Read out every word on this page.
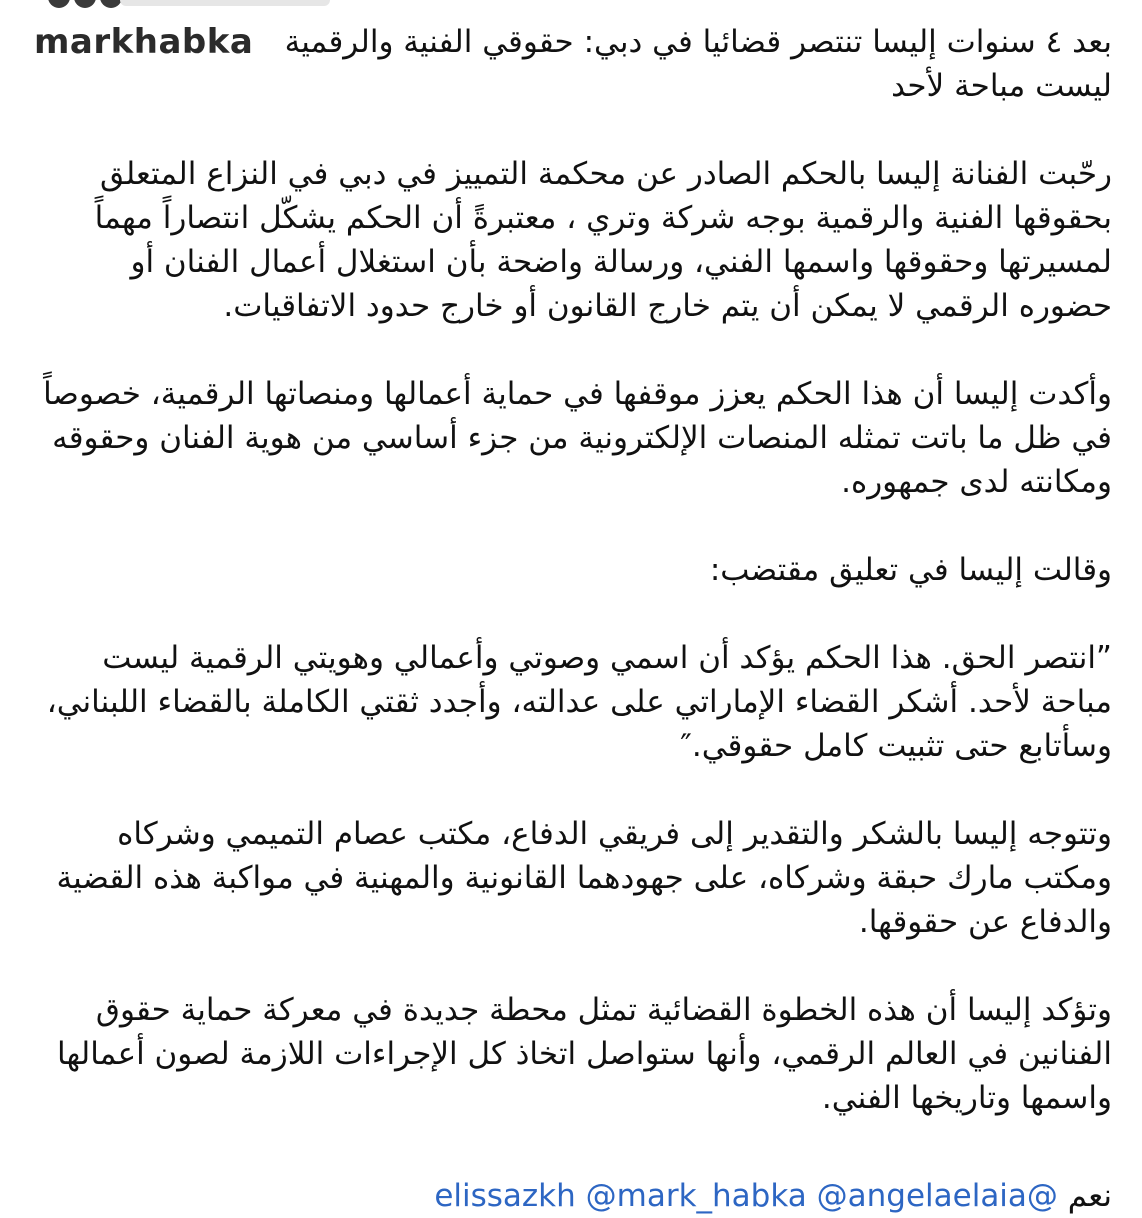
markhabka	بعد ٤ سنوات إليسا تنتصر قضائيا في دبي: حقوقي الفنية والرقمية ليست مباحة لأحد

رحّبت الفنانة إليسا بالحكم الصادر عن محكمة التمييز في دبي في النزاع المتعلق بحقوقها الفنية والرقمية بوجه شركة وتري ، معتبرةً أن الحكم يشكّل انتصاراً مهماً لمسيرتها وحقوقها واسمها الفني، ورسالة واضحة بأن استغلال أعمال الفنان أو حضوره الرقمي لا يمكن أن يتم خارج القانون أو خارج حدود الاتفاقيات.

وأكدت إليسا أن هذا الحكم يعزز موقفها في حماية أعمالها ومنصاتها الرقمية، خصوصاً في ظل ما باتت تمثله المنصات الإلكترونية من جزء أساسي من هوية الفنان وحقوقه ومكانته لدى جمهوره.

وقالت إليسا في تعليق مقتضب:

”انتصر الحق. هذا الحكم يؤكد أن اسمي وصوتي وأعمالي وهويتي الرقمية ليست مباحة لأحد. أشكر القضاء الإماراتي على عدالته، وأجدد ثقتي الكاملة بالقضاء اللبناني، وسأتابع حتى تثبيت كامل حقوقي.″

وتتوجه إليسا بالشكر والتقدير إلى فريقي الدفاع، مكتب عصام التميمي وشركاه ومكتب مارك حبقة وشركاه، على جهودهما القانونية والمهنية في مواكبة هذه القضية والدفاع عن حقوقها.

وتؤكد إليسا أن هذه الخطوة القضائية تمثل محطة جديدة في معركة حماية حقوق الفنانين في العالم الرقمي، وأنها ستواصل اتخاذ كل الإجراءات اللازمة لصون أعمالها واسمها وتاريخها الفني.

نعم @elissazkh @mark_habka @angelaelaia
